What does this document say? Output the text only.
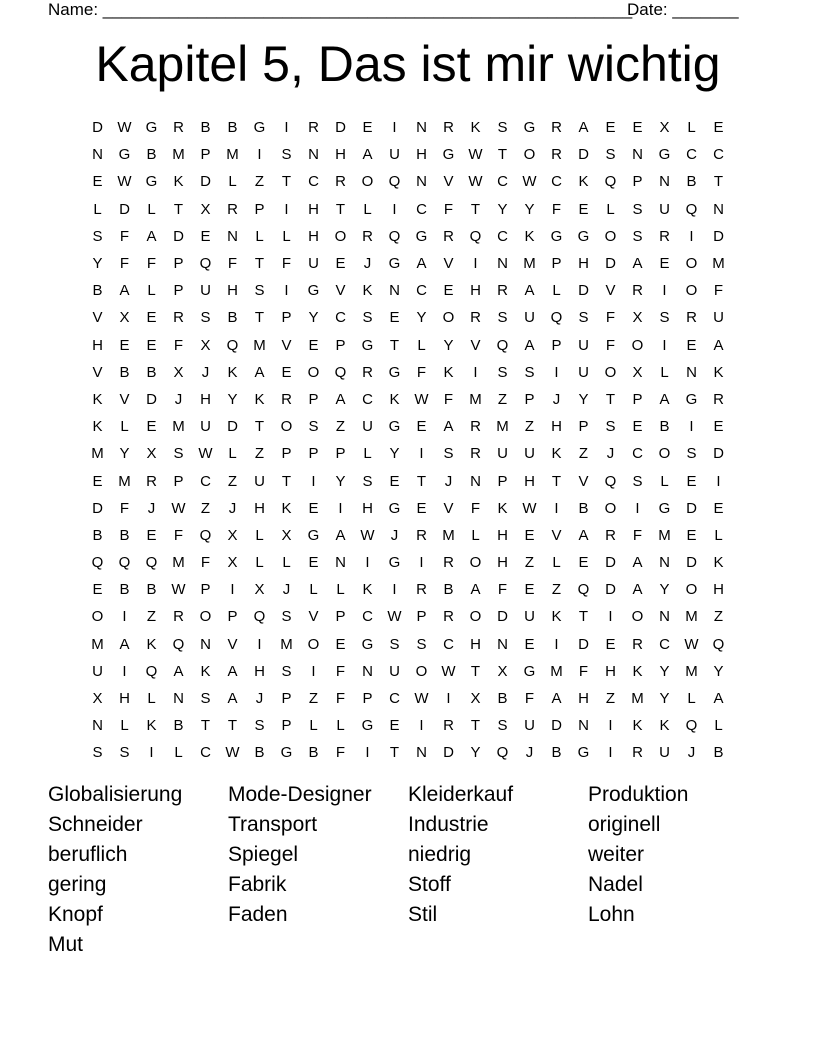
Name: ________________________________________________________
Date: _______
Kapitel 5, Das ist mir wichtig
D W G	R	B	B	G	I	R	D	E	I	N	R	K	S	G	R	A	E	E	X	L	E
N	G	B	M	P	M	I	S	N	H	A	U	H	G W	T	O	R	D	S	N	G	C	C
E W G	K	D	L	Z	T	C	R	O	Q	N	V W C W C	K	Q	P	N	B	T
L	D	L	T	X	R	P	I	H	T	L	I	C	F	T	Y	Y	F	E	L	S	U	Q	N
S	F	A	D	E	N	L	L	H	O	R	Q	G	R	Q	C	K	G	G	O	S	R	I	D
Y	F	F	P	Q	F	T	F	U	E	J	G	A	V	I	N	M	P	H	D	A	E	O M
B	A	L	P	U	H	S	I	G	V	K	N	C	E	H	R	A	L	D	V	R	I	O	F
V	X	E	R	S	B	T	P	Y	C	S	E	Y	O	R	S	U	Q	S	F	X	S	R	U
H	E	E	F	X	Q M	V	E	P	G	T	L	Y	V	Q	A	P	U	F	O	I	E	A
V	B	B	X	J	K	A	E	O	Q	R	G	F	K	I	S	S	I	U	O	X	L	N	K
K	V	D	J	H	Y	K	R	P	A	C	K W	F	M	Z	P	J	Y	T	P	A	G	R
K	L	E	M	U	D	T	O	S	Z	U	G	E	A	R	M	Z	H	P	S	E	B	I	E
M	Y	X	S W	L	Z	P	P	P	L	Y	I	S	R	U	U	K	Z	J	C	O	S	D
E	M	R	P	C	Z	U	T	I	Y	S	E	T	J	N	P	H	T	V	Q	S	L	E	I
D	F	J	W	Z	J	H	K	E	I	H	G	E	V	F	K W	I	B	O	I	G	D	E
B	B	E	F	Q	X	L	X	G	A W	J	R	M	L	H	E	V	A	R	F	M	E	L
Q	Q	Q M	F	X	L	L	E	N	I	G	I	R	O	H	Z	L	E	D	A	N	D	K
E	B	B W P	I	X	J	L	L	K	I	R	B	A	F	E	Z	Q	D	A	Y	O	H
O	I	Z	R	O	P	Q	S	V	P	C W P	R	O	D	U	K	T	I	O	N	M	Z
M	A	K	Q	N	V	I	M O	E	G	S	S	C	H	N	E	I	D	E	R	C W Q
U	I	Q	A	K	A	H	S	I	F	N	U	O W	T	X	G M	F	H	K	Y	M	Y
X	H	L	N	S	A	J	P	Z	F	P	C W	I	X	B	F	A	H	Z	M	Y	L	A
N	L	K	B	T	T	S	P	L	L	G	E	I	R	T	S	U	D	N	I	K	K	Q	L
S	S	I	L	C W B	G	B	F	I	T	N	D	Y	Q	J	B	G	I	R	U	J	B
Globalisierung	Mode-Designer	Kleiderkauf	Produktion
Schneider	Transport	Industrie	originell
beruflich	Spiegel	niedrig	weiter
gering	Fabrik	Stoff	Nadel
Knopf	Faden	Stil	Lohn
Mut
